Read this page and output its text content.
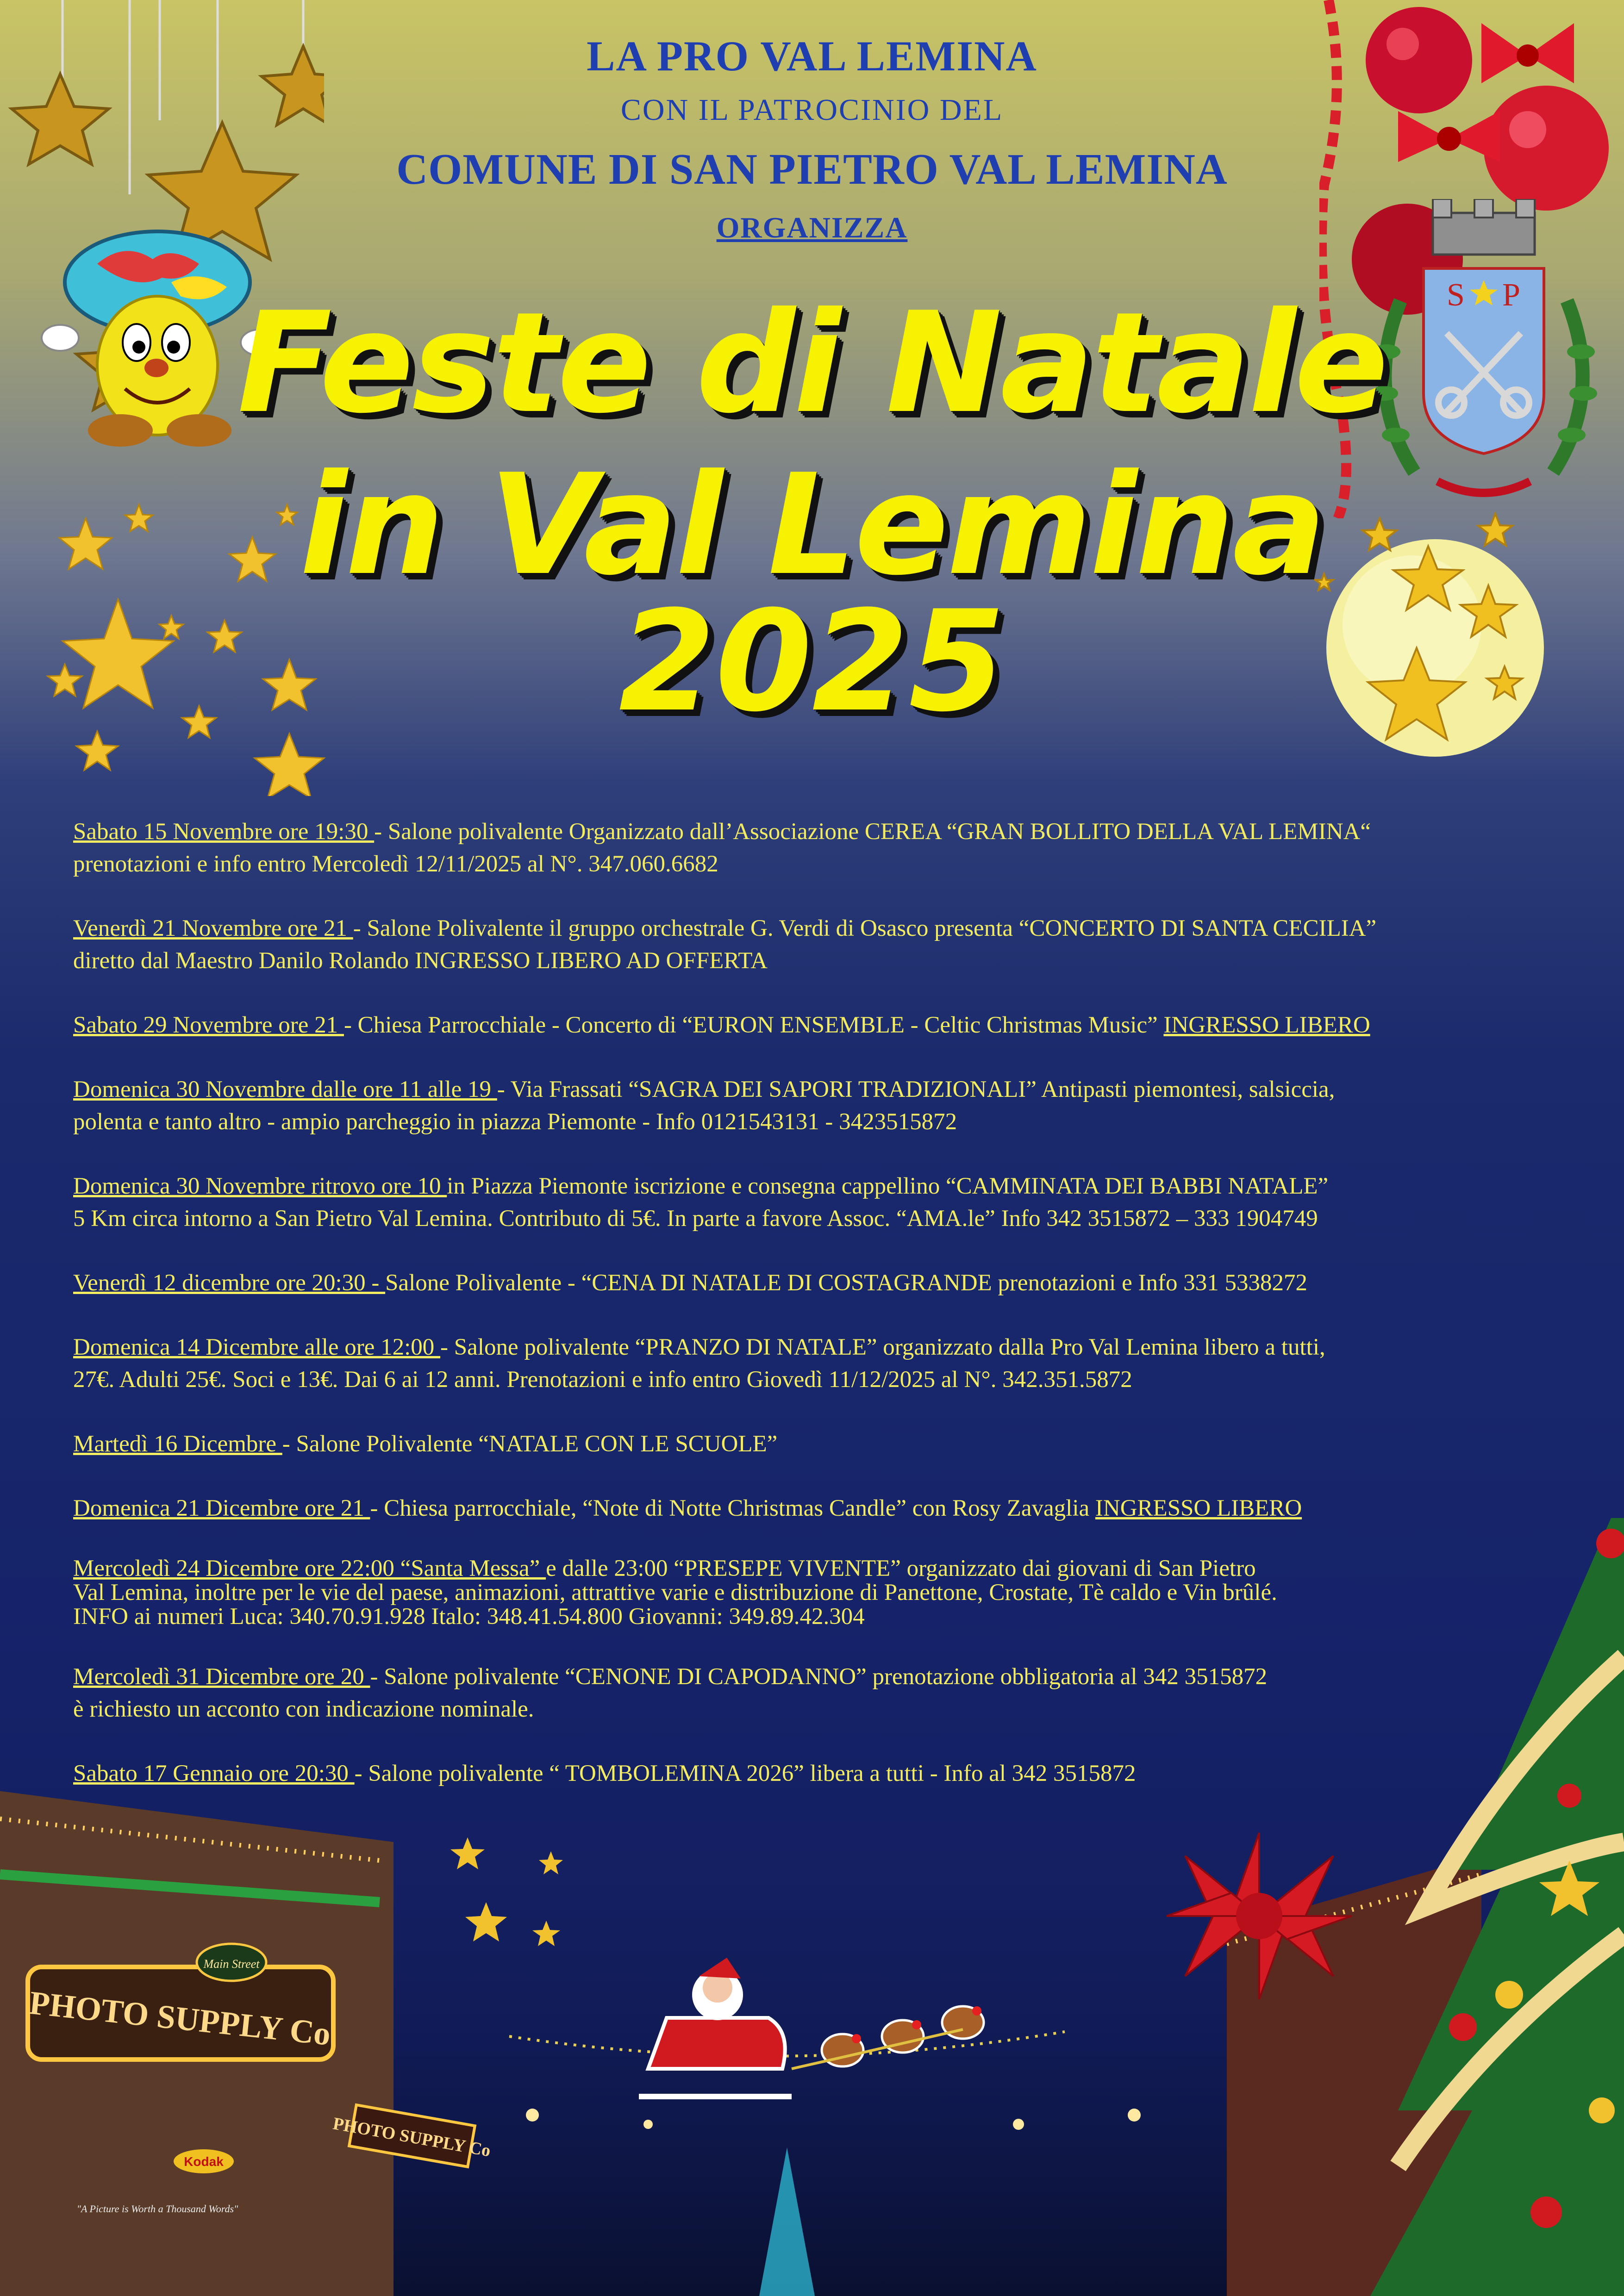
S P
LA PRO VAL LEMINA
CON IL PATROCINIO DEL
COMUNE DI SAN PIETRO VAL LEMINA
ORGANIZZA
Feste di Natale
in Val Lemina
2025
Sabato 15 Novembre ore 19:30 - Salone polivalente Organizzato dall’Associazione CEREA “GRAN BOLLITO DELLA VAL LEMINA“
prenotazioni e info entro Mercoledì 12/11/2025 al N°. 347.060.6682
Venerdì 21 Novembre ore 21 - Salone Polivalente il gruppo orchestrale G. Verdi di Osasco presenta “CONCERTO DI SANTA CECILIA”
diretto dal Maestro Danilo Rolando INGRESSO LIBERO AD OFFERTA
Sabato 29 Novembre ore 21 - Chiesa Parrocchiale - Concerto di “EURON ENSEMBLE - Celtic Christmas Music” INGRESSO LIBERO
Domenica 30 Novembre dalle ore 11 alle 19 - Via Frassati “SAGRA DEI SAPORI TRADIZIONALI” Antipasti piemontesi, salsiccia,
polenta e tanto altro - ampio parcheggio in piazza Piemonte - Info 0121543131 - 3423515872
Domenica 30 Novembre ritrovo ore 10 in Piazza Piemonte iscrizione e consegna cappellino “CAMMINATA DEI BABBI NATALE”
5 Km circa intorno a San Pietro Val Lemina. Contributo di 5€. In parte a favore Assoc. “AMA.le” Info 342 3515872 – 333 1904749
Venerdì 12 dicembre ore 20:30 - Salone Polivalente - “CENA DI NATALE DI COSTAGRANDE prenotazioni e Info 331 5338272
Domenica 14 Dicembre alle ore 12:00 - Salone polivalente “PRANZO DI NATALE” organizzato dalla Pro Val Lemina libero a tutti,
27€. Adulti 25€. Soci e 13€. Dai 6 ai 12 anni. Prenotazioni e info entro Giovedì 11/12/2025 al N°. 342.351.5872
Martedì 16 Dicembre - Salone Polivalente “NATALE CON LE SCUOLE”
Domenica 21 Dicembre ore 21 - Chiesa parrocchiale, “Note di Notte Christmas Candle” con Rosy Zavaglia INGRESSO LIBERO
Mercoledì 24 Dicembre ore 22:00 “Santa Messa” e dalle 23:00 “PRESEPE VIVENTE” organizzato dai giovani di San Pietro
Val Lemina, inoltre per le vie del paese, animazioni, attrattive varie e distribuzione di Panettone, Crostate, Tè caldo e Vin brûlé.
INFO ai numeri Luca: 340.70.91.928 Italo: 348.41.54.800 Giovanni: 349.89.42.304
Mercoledì 31 Dicembre ore 20 - Salone polivalente “CENONE DI CAPODANNO” prenotazione obbligatoria al 342 3515872
è richiesto un acconto con indicazione nominale.
Sabato 17 Gennaio ore 20:30 - Salone polivalente “ TOMBOLEMINA 2026” libera a tutti - Info al 342 3515872
PHOTO SUPPLY Co
Main Street
Kodak
"A Picture is Worth a Thousand Words"
PHOTO SUPPLY Co
